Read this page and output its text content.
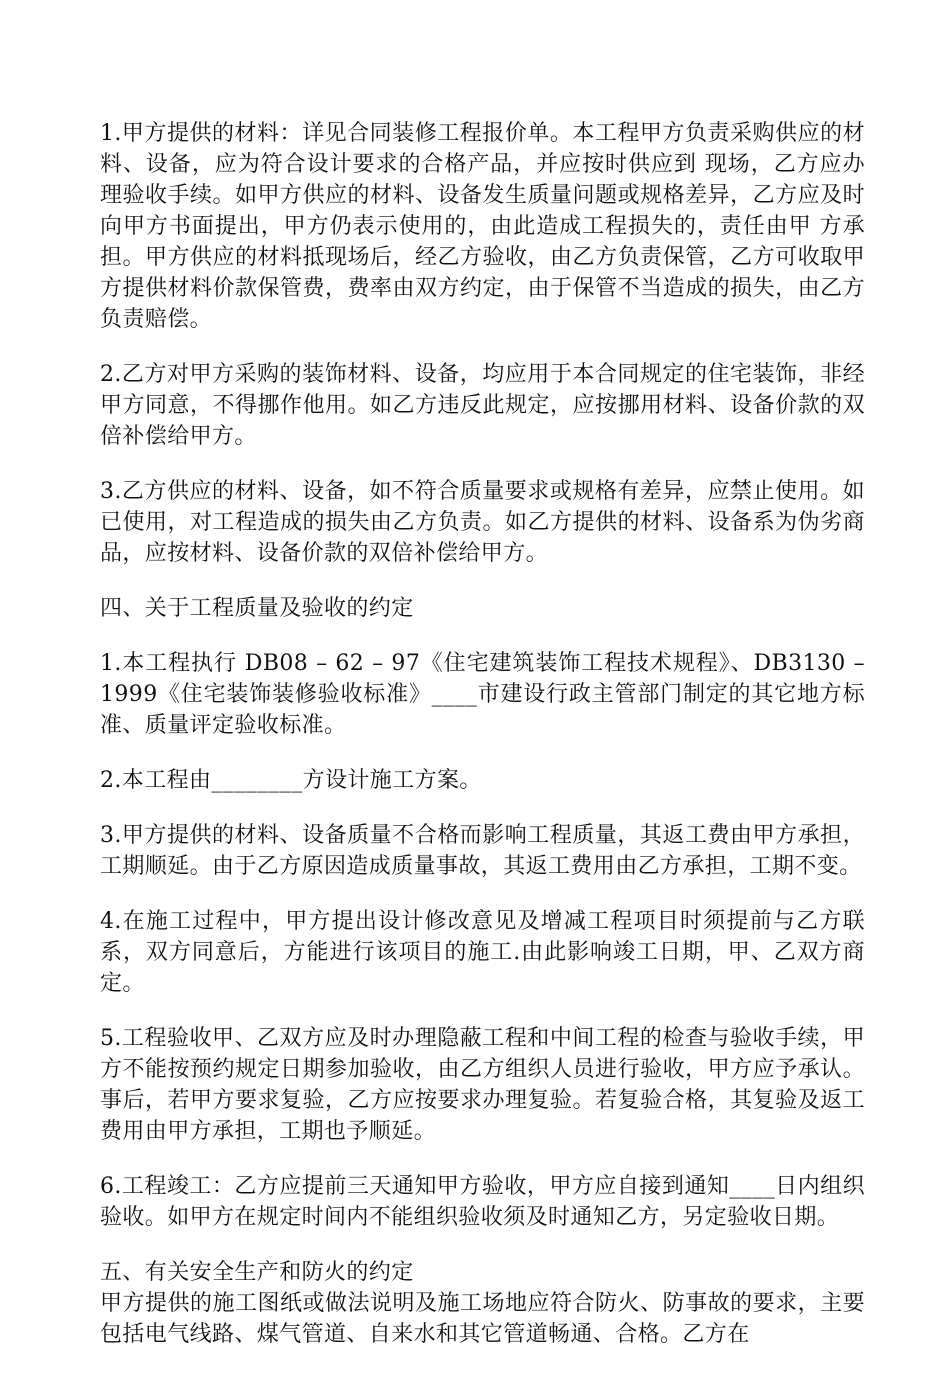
1.甲方提供的材料：详见合同装修工程报价单。本工程甲方负责采购供应的材料、设备，应为符合设计要求的合格产品，并应按时供应到 现场，乙方应办理验收手续。如甲方供应的材料、设备发生质量问题或规格差异，乙方应及时向甲方书面提出，甲方仍表示使用的，由此造成工程损失的，责任由甲 方承担。甲方供应的材料抵现场后，经乙方验收，由乙方负责保管，乙方可收取甲方提供材料价款保管费，费率由双方约定，由于保管不当造成的损失，由乙方负责赔偿。

2.乙方对甲方采购的装饰材料、设备，均应用于本合同规定的住宅装饰，非经甲方同意，不得挪作他用。如乙方违反此规定，应按挪用材料、设备价款的双倍补偿给甲方。

3.乙方供应的材料、设备，如不符合质量要求或规格有差异，应禁止使用。如已使用，对工程造成的损失由乙方负责。如乙方提供的材料、设备系为伪劣商品，应按材料、设备价款的双倍补偿给甲方。

四、关于工程质量及验收的约定

1.本工程执行 DB08 – 62 – 97《住宅建筑装饰工程技术规程》、DB3130 –1999《住宅装饰装修验收标准》____市建设行政主管部门制定的其它地方标准、质量评定验收标准。

2.本工程由________方设计施工方案。

3.甲方提供的材料、设备质量不合格而影响工程质量，其返工费由甲方承担，工期顺延。由于乙方原因造成质量事故，其返工费用由乙方承担，工期不变。

4.在施工过程中，甲方提出设计修改意见及增减工程项目时须提前与乙方联系，双方同意后，方能进行该项目的施工.由此影响竣工日期，甲、乙双方商定。

5.工程验收甲、乙双方应及时办理隐蔽工程和中间工程的检查与验收手续，甲方不能按预约规定日期参加验收，由乙方组织人员进行验收，甲方应予承认。事后，若甲方要求复验，乙方应按要求办理复验。若复验合格，其复验及返工费用由甲方承担，工期也予顺延。

6.工程竣工：乙方应提前三天通知甲方验收，甲方应自接到通知____日内组织验收。如甲方在规定时间内不能组织验收须及时通知乙方，另定验收日期。

五、有关安全生产和防火的约定

甲方提供的施工图纸或做法说明及施工场地应符合防火、防事故的要求，主要包括电气线路、煤气管道、自来水和其它管道畅通、合格。乙方在
